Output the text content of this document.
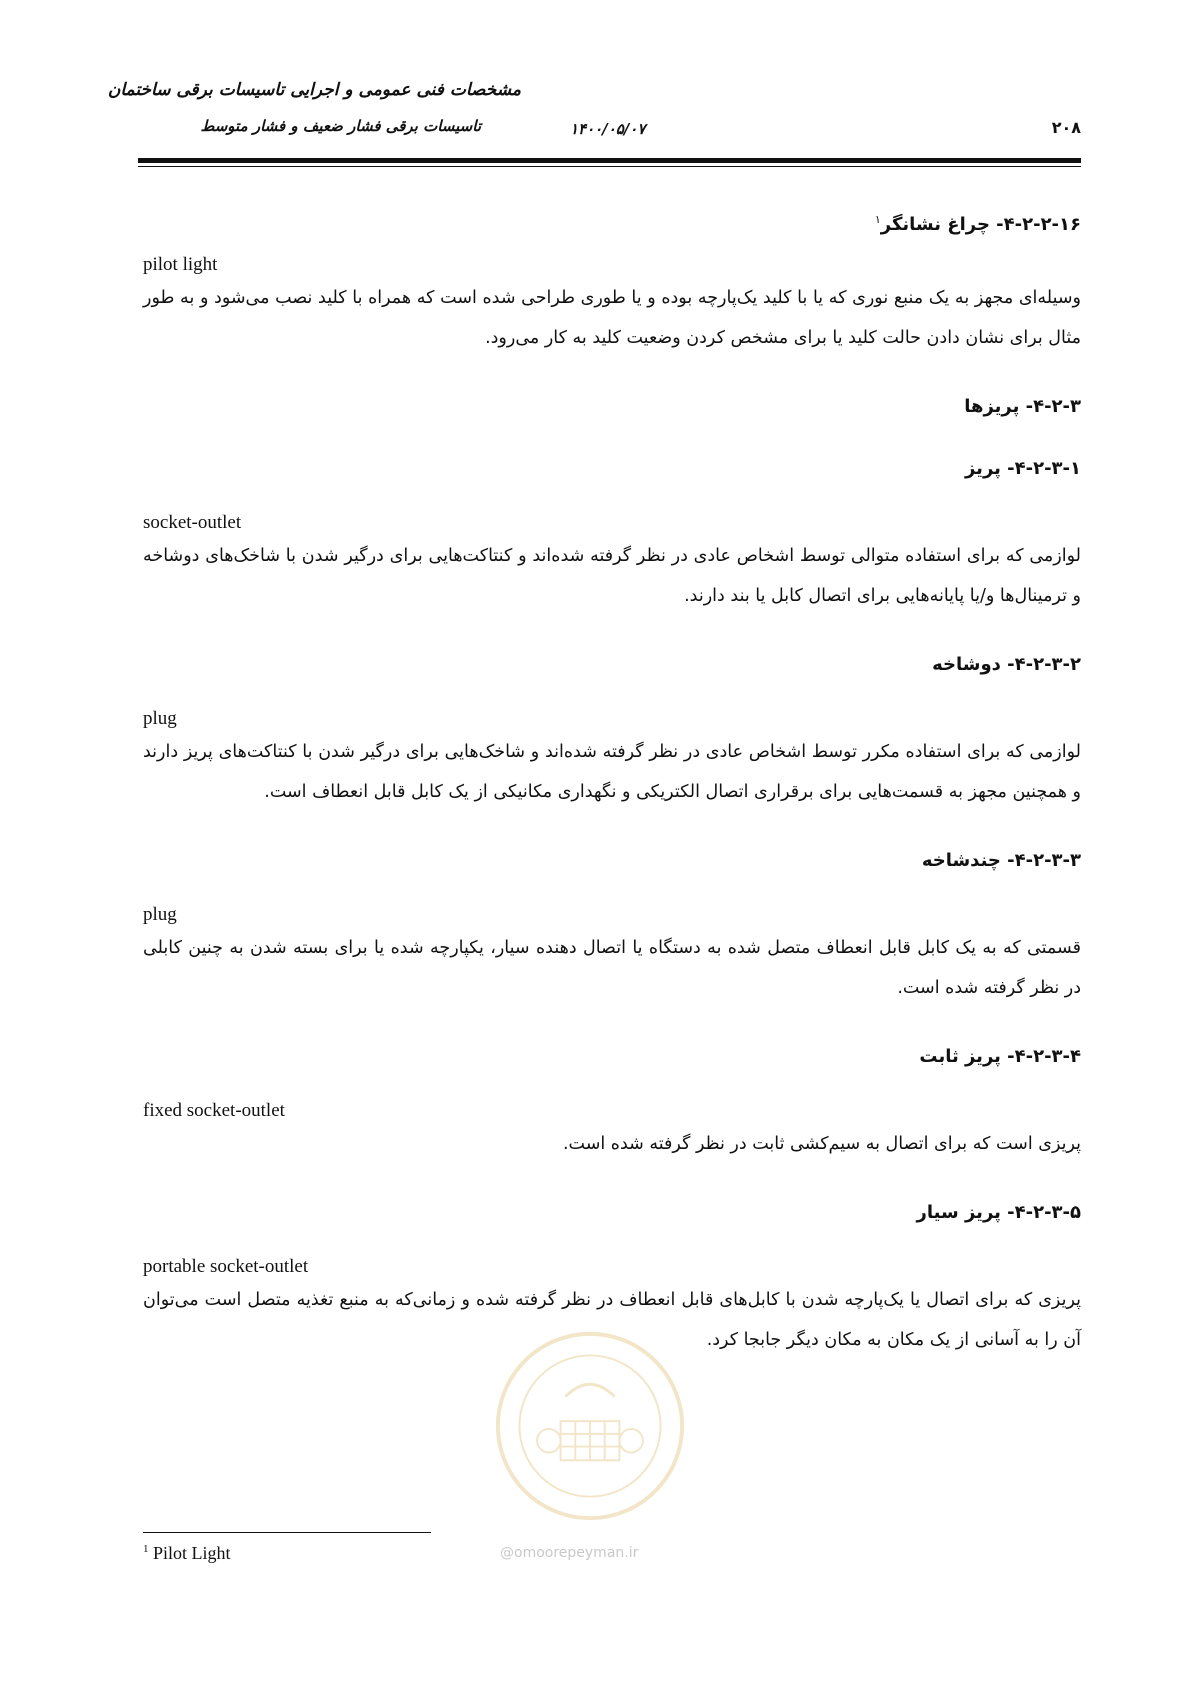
مشخصات فنی عمومی و اجرایی تاسیسات برقی ساختمان
تاسیسات برقی فشار ضعیف و فشار متوسط	۱۴۰۰/۰۵/۰۷	۲۰۸
۴-۲-۲-۱۶- چراغ نشانگر$^۱$

pilot light

وسیله‌ای مجهز به یک منبع نوری که یا با کلید یک‌پارچه بوده و یا طوری طراحی شده است که همراه با کلید نصب می‌شود و به طور مثال برای نشان دادن حالت کلید یا برای مشخص کردن وضعیت کلید به کار می‌رود.

۴-۲-۳- پریزها
۴-۲-۳-۱- پریز

socket-outlet

لوازمی که برای استفاده متوالی توسط اشخاص عادی در نظر گرفته شده‌اند و کنتاکت‌هایی برای درگیر شدن با شاخک‌های دوشاخه و ترمینال‌ها و/یا پایانه‌هایی برای اتصال کابل یا بند دارند.

۴-۲-۳-۲- دوشاخه

plug

لوازمی که برای استفاده مکرر توسط اشخاص عادی در نظر گرفته شده‌اند و شاخک‌هایی برای درگیر شدن با کنتاکت‌های پریز دارند و همچنین مجهز به قسمت‌هایی برای برقراری اتصال الکتریکی و نگهداری مکانیکی از یک کابل قابل انعطاف است.

۴-۲-۳-۳- چندشاخه

plug

قسمتی که به یک کابل قابل انعطاف متصل شده به دستگاه یا اتصال دهنده سیار، یکپارچه شده یا برای بسته شدن به چنین کابلی در نظر گرفته شده است.

۴-۲-۳-۴- پریز ثابت

fixed socket-outlet

پریزی است که برای اتصال به سیم‌کشی ثابت در نظر گرفته شده است.

۴-۲-۳-۵- پریز سیار

portable socket-outlet

پریزی که برای اتصال یا یک‌پارچه شدن با کابل‌های قابل انعطاف در نظر گرفته شده و زمانی‌که به منبع تغذیه متصل است می‌توان آن را به آسانی از یک مکان به مکان دیگر جابجا کرد.

@omoorepeyman.ir
$^1$ Pilot Light
